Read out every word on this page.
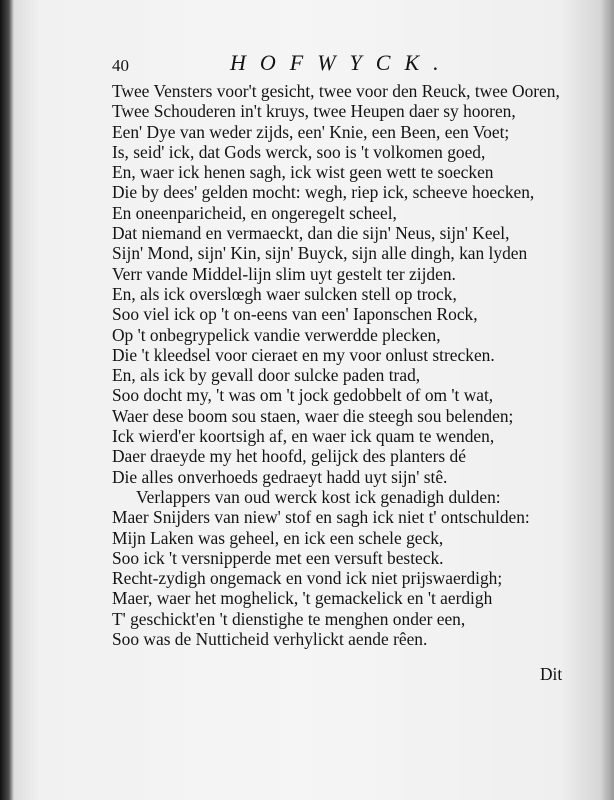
40	HOFWYCK.
Twee Vensters voor't gesicht, twee voor den Reuck, twee Ooren,
Twee Schouderen in't kruys, twee Heupen daer sy hooren,
Een' Dye van weder zijds, een' Knie, een Been, een Voet;
Is, seid' ick, dat Gods werck, soo is 't volkomen goed,
En, waer ick henen sagh, ick wist geen wett te soecken
Die by dees' gelden mocht: wegh, riep ick, scheeve hoecken,
En oneenparicheid, en ongeregelt scheel,
Dat niemand en vermaeckt, dan die sijn' Neus, sijn' Keel,
Sijn' Mond, sijn' Kin, sijn' Buyck, sijn alle dingh, kan lyden
Verr vande Middel-lijn slim uyt gestelt ter zijden.
En, als ick overslœgh waer sulcken stell op trock,
Soo viel ick op 't on-eens van een' Iaponschen Rock,
Op 't onbegrypelick vandie verwerdde plecken,
Die 't kleedsel voor cieraet en my voor onlust strecken.
En, als ick by gevall door sulcke paden trad,
Soo docht my, 't was om 't jock gedobbelt of om 't wat,
Waer dese boom sou staen, waer die steegh sou belenden;
Ick wierd'er koortsigh af, en waer ick quam te wenden,
Daer draeyde my het hoofd, gelijck des planters dé
Die alles onverhoeds gedraeyt hadd uyt sijn' stê.
Verlappers van oud werck kost ick genadigh dulden:
Maer Snijders van niew' stof en sagh ick niet t' ontschulden:
Mijn Laken was geheel, en ick een schele geck,
Soo ick 't versnipperde met een versuft besteck.
Recht-zydigh ongemack en vond ick niet prijswaerdigh;
Maer, waer het moghelick, 't gemackelick en 't aerdigh
T' geschickt'en 't dienstighe te menghen onder een,
Soo was de Nutticheid verhylickt aende rêen.
Dit
